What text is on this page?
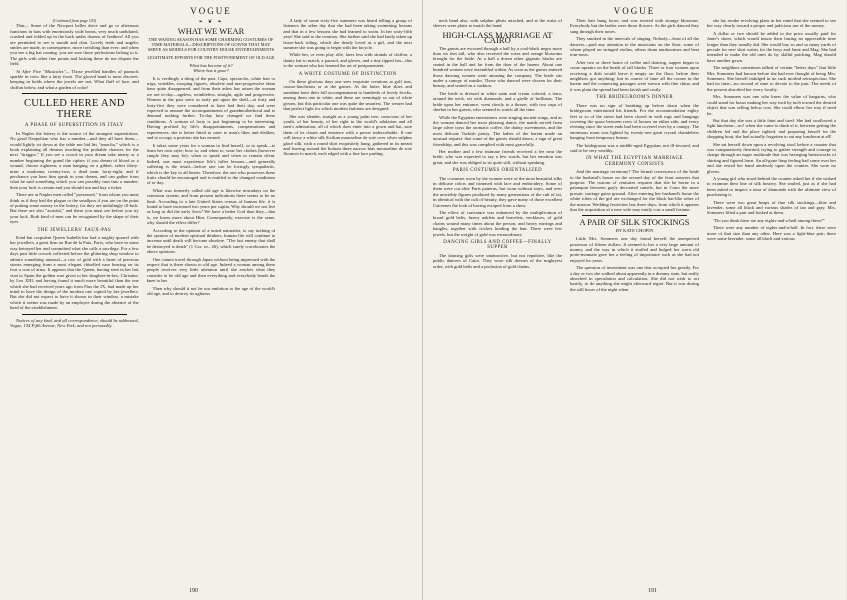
VOGUE
(Continued from page 103)

That— Some of the Newport belles drive and go to afternoon functions in hats with enormously wide brims, very much undulated, crushed and folded up in the back under dozens of feathers! All you are permitted to see is mouth and chin. Lovely teeth and angelic smiles are made, in consequence, more ravishing than ever; and when you see a big hat coming, you are sure those perfections belong to it. The girls with other fine points and lacking these do not dispute the field.

At After Five "Musicales"— Those jewelled handles of parasols sparkle in rows like a fairy front. The gloved hand is most discreet, keeping in holds where the jewels are not. What fluff of lace, and chiffon below, and what a garden of color!

CULLED HERE AND THERE
A PHASE OF SUPERSTITION IN ITALY

In Naples the lottery is the source of the strangest superstitions. No good Neapolitan who has a number—and they all have them—would lightly sit down at the table nor bid his "smorfia," which is a book explaining all dreams touching the probable chances for the next "tiraggio." If you see a crowd in your dream take ninety or a number beginning the grand the cipher; if you dream of blood or a wound, choose eighteen; a man hanging on a gibbet, select thirty-nine; a madonna, twenty-two; a dead man, forty-eight, and if perchance you hear him speak in your dream, and can gather from what he said something which you can possibly turn into a number, then your luck is certain and you should run and buy a ticket.

There are at Naples men called "possessed," from whom you must think as if they had the plague or the smallpox if you are on the point of putting some money in the lottery, for they are unfailingly ill-luck. But there are also "assistiti," and these you must see before you try your luck. Both kind of men can be recognized by the shape of their eyes.

THE JEWELLERS' FAUX-PAS

Kind but corpulent Queen Isabella has had a mighty quarrel with her jewellers, a great firm on Rue de la Paix, Paris, who have in some way betrayed her and committed what she calls a sacrilege. For a few days past little crowds collected before the glittering shop window to admire something unusual—a row of gold with a heart of precious stones emerging from a most elegant chiselled vase bearing on its foot a coat of arms. It appears that the Queen, having seen in her last visit to Spain the golden rose given to her daughter-in-law, Christine, by Leo XIII, and having found it much more beautiful than the one which she had received years ago from Pius the IX, had made up her mind to have the design of the modern one copied by her jewellers. But she did not expect to have it shown in their window, a mistake which it seems was made by an employee during the absence of the head of the establishment.

Notices of any kind, and all correspondence, should be addressed, Vogue, 154 Fifth Avenue, New York, and not personally.

❧ ❦ ❧
WHAT WE WEAR
THE WANING SEASON HAS SOME CHARMING COSTUMES OF TIME MATERIALS—DESCRIPTIONS OF GOWNS THAT MAY SERVE AS MODELS FOR COUNTRY HOUSE ENTERTAINMENTS
LEGITIMATE EFFORTS FOR THE POSTPONEMENT OF OLD AGE
What has become of it?
Where has it gone?

It is verilingly a thing of the past. Caps, spectacles, white hair or wigs, wrinkles, stooping figures, obsolete and non-progressive ideas have quite disappeared, and from their ashes has arisen the woman we see to-day—ageless, wrinkleless, straight, agile and progressive. Women in the past were as early put upon the shelf—at forty and forty-five they were considered to have had their day, and were expected to assume the accompaniments of grandmotherhood and to demand nothing further. To-day how changed we find these conditions. A woman of forty is just beginning to be interesting. Having profited by life's disappointments, compensations and experiences, she is better fitted to cater to man's likes and dislikes, and to occupy a position she has earned.

It takes some years for a woman to find herself, so to speak—to learn her own style; how to, and when to, wear her clothes (however simple they may be); when to speak and when to remain silent. Indeed, one must experience life's fuller lessons—and generally suffering is the result—before one can be lovingly sympathetic, which is the key to all hearts. Therefore, the one who possesses these fruits should be encouraged and is entitled to the changed conditions of to-day.

What was formerly called old age is likewise nowadays on the extension system, and from present indications there seems to be no limit. According to a late United States census of human life, it is found to have increased two years per capita. Why should we not live as long as did the early Jews? We have a better God than they—that is, we know more about Him. Consequently, exercise is the same, why should the effect differ?

According to the opinion of a noted naturalist, to say nothing of the opinion of modern spiritual thinkers, human life will continue to increase until death will become obsolete. "The last enemy that shall be destroyed is death" (1 Cor. xv., 26), which surely corroborates the above opinions.

One cannot travel through Japan without being impressed with the respect that is there shown to old age. Indeed a woman among these people receives very little attention until she reaches what they consider to be old age and then everything and everybody bends the knee to her.

Then why should it not be our ambition to the age of the world's old age, and to destroy its ugliness.

A lady of some sixty-five summers was heard telling a group of listeners the other day that she had been taking swimming lessons and that in a few lessons she had learned to swim. In her sixty-fifth year! She said to the contrary. She further said she had lately taken up horse-back riding, which she dearly loved as a girl, and the next summer she was going to begin with the bicycle.

While her, or even play rôle, fares less with strands of chiffon, a dainty hat to match, a parasol, and gloves, and a tiny tipped fan—this is the woman who has learned the art of postponement.

A WHITE COSTUME OF DISTINCTION

On these glorious days one sees exquisite creations at golf teas, casino-luncheons or at the games. At the latter, blue skies and sunshine have their full accompaniment to hundreds of lovely frocks, among them one in white, and these are seemingly so out of white gowns, but this particular one was quite the smartest. The wearer had that perfect light for which modern fashions are designed.

She was slender, straight as a young palm tree, conscious of her youth, of her beauty, of her right to the world's adulation and all men's admiration, all of which does enter into a gown and hat, sure them of its charm and entrance with a power indescribable. If one will fancy a white silk Sicilian mousseline de soie over silver sulphur glacé silk, with a round skirt exquisitely hung, gathered in its meant and leaving around the bottom three narrow bias mousseline de soie flounces to match, each edged with a fine lace purling.

190
VOGUE

neck band also, with sulphur pleats attached, and at the waist of sleeves were plaits to match the band.

HIGH-CLASS MARRIAGE AT CAIRO

The guests are escorted through a hall by a coal-black negro more than six feet tall, who also received the roses and orange blossoms brought for the bride. At a hall a dozen other gigantic blacks are seated in the hall and far from the door of the harem. About one hundred women were assembled within. As soon as the guests entered those dancing women went amusing the company. The bride sits under a canopy of muslin. Those who danced were chosen for their beauty, and seated on a cushion.

The bride is dressed in white satin and cream colored, a tiara; around the neck, set with diamonds, and a girdle of brilliants. The bride upon her entrance, went slowly to a throne, with two cups of sherbet to her guests, who seemed to watch all the time.

While the Egyptian entertainers were singing ancient songs, and as the woman danced her most pleasing dance, the maids served from large silver trays the aromatic coffee, the dainty sweetmeats, and the most delicate Turkish pastry. The ladies of the harem made an unusual request: that some of the guests should dance, a sign of great friendship, and this was complied with most gracefully.

Her mother and a few intimate friends received a fee near the bride, who was expected to say a few words, but her emotion was great, and she was obliged to sit quite still, without speaking.

PARIS COSTUMES ORIENTALIZED

The costumes worn by the women were of the most beautiful silks in delicate colors and trimmed with lace and embroidery. Some of them were cut after Paris patterns, but worn without stays, and over the unwieldy figures produced by many generations of the cult of fat, in identical with the cult of beauty, they gave many of those excellent Caireenes the look of having escaped from a show.

The effect of caricature was enhanced by the multiplication of broad gold belts, heavy anklets and bracelets, necklaces, of gold chains wound many times about the person, and heavy earrings and bangles, together with circlets binding the hair. There were few jewels, but the weight of gold was extraordinary.

DANCING GIRLS AND COFFEE—FINALLY SUPPER

The dancing girls were unattractive, but not repulsive, like the public dancers of Cairo. They wore silk dresses of the mightyest order, with gold belts and a profusion of gold chains.

Their hair hung loose, and was twisted with strange blossoms. Everybody but the brides were those flowers. As the girls danced they sang through their noses.

They smoked in the intervals of singing. Nobody—least of all the dancers—paid any attention to the musicians on the floor, some of whom played on stringed violins, others drum tambourines and beat tom-toms.

After two or three hours of coffee and dancing, supper began to come upstairs on the heads of tall blacks. Three or four women upon receiving a dish would leave it empty on the floor, before their neighbors got anything; but in course of time all the rooms in the harem and the connecting passages were strewn with fine china, and it was plain the spread had been lavish and costly.

THE BRIDEGROOM'S DINNER

There was no sign of breaking up before dawn when the bridegroom entertained his friends. For the accommodation eighty feet or so of the street had been closed in with rugs and hangings covering the space between rows of houses on either side, and every evening since the street ends had been covered over by a canopy. The enormous room was lighted by twenty-one great crystal chandeliers hanging from temporary beams.

The bridegroom was a middle-aged Egyptian, not ill-favored, and said to be very wealthy.

IN WHAT THE EGYPTIAN MARRIAGE CEREMONY CONSISTS

And the marriage ceremony? The formal conveyance of the bride to the husband's house on the second day of the feast answers that purpose. The custom of centuries requires that she be borne in a palanquin between gayly decorated camels, but in Cairo the more prosaic carriage gains ground. After entering her husband's home the white robes of the girl are exchanged for the black hat-like robes of the matron. Wedding festivities last three days, from which it appears that the acquisition of a new wife may easily cost a small fortune.

A PAIR OF SILK STOCKINGS
BY KATE CHOPIN

Little Mrs. Sommers one day found herself the unexpected possessor of fifteen dollars. It seemed to her a very large amount of money, and the way in which it stuffed and bulged her worn old porte-monnaie gave her a feeling of importance such as she had not enjoyed for years.

The question of investment was one that occupied her greatly. For a day or two she walked about apparently in a dreamy state, but really absorbed in speculation and calculation. She did not wish to act hastily, to do anything she might afterward regret. But it was during the still hours of the night when

she lay awake revolving plans in her mind that she seemed to see her way clearly toward a proper and judicious use of the money.

A dollar or two should be added to the price usually paid for Janie's shoes, which would insure their lasting an appreciable time longer than they usually did. She would buy so and so many yards of percale for new shirt waists for the boys and Janie and Mag. She had intended to make the old ones do by skilful patching. Mag should have another gown.

The neighbors sometimes talked of certain "better days" that little Mrs. Sommers had known before she had ever thought of being Mrs. Sommers. She herself indulged in no such morbid retrospection. She had no time—no second of time to devote to the past. The needs of the present absorbed her every faculty.

Mrs. Sommers was one who knew the value of bargains; who could stand for hours making her way inch by inch toward the desired object that was selling below cost. She could elbow her way if need be.

But that day she was a little faint and tired. She had swallowed a light luncheon—no! when she came to think of it, between getting the children fed and the place righted, and preparing herself for the shopping bout, she had actually forgotten to eat any luncheon at all!

She sat herself down upon a revolving stool before a counter that was comparatively deserted, trying to gather strength and courage to charge through an eager multitude that was besieging breastworks of shirting and figured lawn. An all-gone limp feeling had come over her and she rested her hand aimlessly upon the counter. She wore no gloves.

A young girl who stood behind the counter asked her if she wished to examine their line of silk hosiery. She smiled, just as if she had been asked to inspect a tiara of diamonds with the ultimate view of purchasing it.

There were two great heaps of fine silk stockings—blue and lavender, some all black and various shades of tan and gray. Mrs. Sommers lifted a pair and looked at them.

"Do you think there are any eights-and-a-half among these?"

There were any number of eights-and-a-half. In fact, there were more of that size than any other. Here was a light-blue pair; there were some lavender, some all black and various

191
